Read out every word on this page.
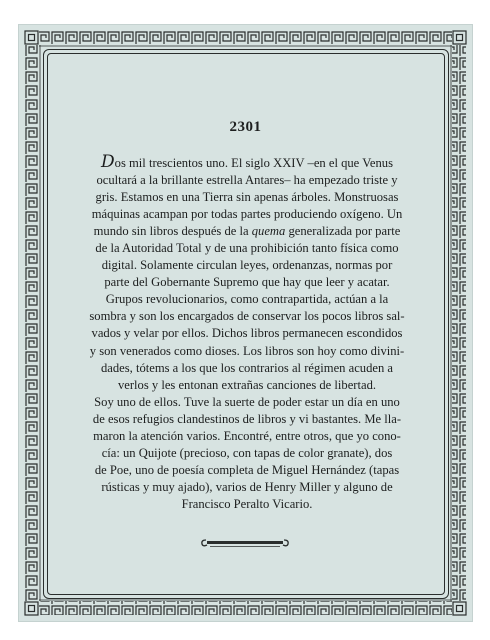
2301
Dos mil trescientos uno. El siglo XXIV –en el que Venus
ocultará a la brillante estrella Antares– ha empezado triste y
gris. Estamos en una Tierra sin apenas árboles. Monstruosas
máquinas acampan por todas partes produciendo oxígeno. Un
mundo sin libros después de la quema generalizada por parte
de la Autoridad Total y de una prohibición tanto física como
digital. Solamente circulan leyes, ordenanzas, normas por
parte del Gobernante Supremo que hay que leer y acatar.
Grupos revolucionarios, como contrapartida, actúan a la
sombra y son los encargados de conservar los pocos libros sal-
vados y velar por ellos. Dichos libros permanecen escondidos
y son venerados como dioses. Los libros son hoy como divini-
dades, tótems a los que los contrarios al régimen acuden a
verlos y les entonan extrañas canciones de libertad.
Soy uno de ellos. Tuve la suerte de poder estar un día en uno
de esos refugios clandestinos de libros y vi bastantes. Me lla-
maron la atención varios. Encontré, entre otros, que yo cono-
cía: un Quijote (precioso, con tapas de color granate), dos
de Poe, uno de poesía completa de Miguel Hernández (tapas
rústicas y muy ajado), varios de Henry Miller y alguno de
Francisco Peralto Vicario.
